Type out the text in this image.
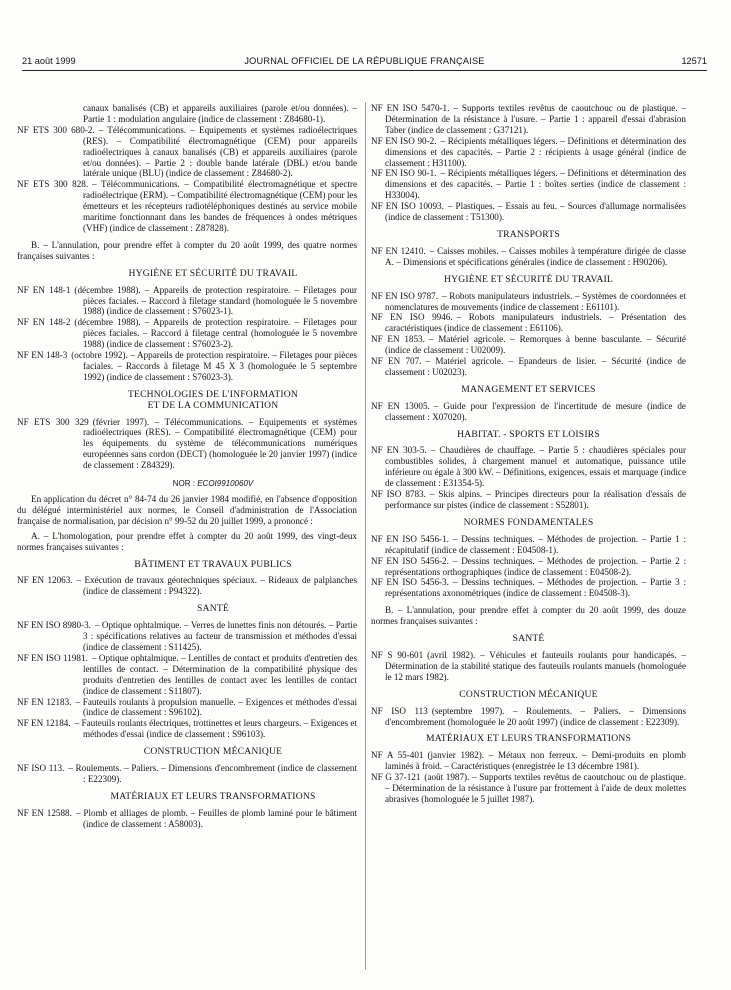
21 août 1999	JOURNAL OFFICIEL DE LA RÉPUBLIQUE FRANÇAISE	12571
canaux banalisés (CB) et appareils auxiliaires (parole et/ou données). – Partie 1 : modulation angulaire (indice de classement : Z84680-1).
NF ETS 300 680-2. – Télécommunications. – Equipements et systèmes radioélectriques (RES). – Compatibilité électromagnétique (CEM) pour appareils radioélectriques à canaux banalisés (CB) et appareils auxiliaires (parole et/ou données). – Partie 2 : double bande latérale (DBL) et/ou bande latérale unique (BLU) (indice de classement : Z84680-2).
NF ETS 300 828. – Télécommunications. – Compatibilité électromagnétique et spectre radioélectrique (ERM). – Compatibilité électromagnétique (CEM) pour les émetteurs et les récepteurs radiotéléphoniques destinés au service mobile maritime fonctionnant dans les bandes de fréquences à ondes métriques (VHF) (indice de classement : Z87828).
B. – L'annulation, pour prendre effet à compter du 20 août 1999, des quatre normes françaises suivantes :
HYGIÈNE ET SÉCURITÉ DU TRAVAIL
NF EN 148-1 (décembre 1988). – Appareils de protection respiratoire. – Filetages pour pièces faciales. – Raccord à filetage standard (homologuée le 5 novembre 1988) (indice de classement : S76023-1).
NF EN 148-2 (décembre 1988). – Appareils de protection respiratoire. – Filetages pour pièces faciales. – Raccord à filetage central (homologuée le 5 novembre 1988) (indice de classement : S76023-2).
NF EN 148-3 (octobre 1992). – Appareils de protection respiratoire. – Filetages pour pièces faciales. – Raccords à filetage M 45 X 3 (homologuée le 5 septembre 1992) (indice de classement : S76023-3).
TECHNOLOGIES DE L'INFORMATION
ET DE LA COMMUNICATION
NF ETS 300 329 (février 1997). – Télécommunications. – Equipements et systèmes radioélectriques (RES). – Compatibilité électromagnétique (CEM) pour les équipements du système de télécommunications numériques européennes sans cordon (DECT) (homologuée le 20 janvier 1997) (indice de classement : Z84329).
NOR : ECOI9910060V
En application du décret n° 84-74 du 26 janvier 1984 modifié, en l'absence d'opposition du délégué interministériel aux normes, le Conseil d'administration de l'Association française de normalisation, par décision n° 99-52 du 20 juillet 1999, a prononcé :
A. – L'homologation, pour prendre effet à compter du 20 août 1999, des vingt-deux normes françaises suivantes :
BÂTIMENT ET TRAVAUX PUBLICS
NF EN 12063. – Exécution de travaux géotechniques spéciaux. – Rideaux de palplanches (indice de classement : P94322).
SANTÉ
NF EN ISO 8980-3. – Optique ophtalmique. – Verres de lunettes finis non détourés. – Partie 3 : spécifications relatives au facteur de transmission et méthodes d'essai (indice de classement : S11425).
NF EN ISO 11981. – Optique ophtalmique. – Lentilles de contact et produits d'entretien des lentilles de contact. – Détermination de la compatibilité physique des produits d'entretien des lentilles de contact avec les lentilles de contact (indice de classement : S11807).
NF EN 12183. – Fauteuils roulants à propulsion manuelle. – Exigences et méthodes d'essai (indice de classement : S96102).
NF EN 12184. – Fauteuils roulants électriques, trottinettes et leurs chargeurs. – Exigences et méthodes d'essai (indice de classement : S96103).
CONSTRUCTION MÉCANIQUE
NF ISO 113. – Roulements. – Paliers. – Dimensions d'encombrement (indice de classement : E22309).
MATÉRIAUX ET LEURS TRANSFORMATIONS
NF EN 12588. – Plomb et alliages de plomb. – Feuilles de plomb laminé pour le bâtiment (indice de classement : A58003).
NF EN ISO 5470-1. – Supports textiles revêtus de caoutchouc ou de plastique. – Détermination de la résistance à l'usure. – Partie 1 : appareil d'essai d'abrasion Taber (indice de classement : G37121).
NF EN ISO 90-2. – Récipients métalliques légers. – Définitions et détermination des dimensions et des capacités. – Partie 2 : récipients à usage général (indice de classement : H31100).
NF EN ISO 90-1. – Récipients métalliques légers. – Définitions et détermination des dimensions et des capacités. – Partie 1 : boîtes serties (indice de classement : H33004).
NF EN ISO 10093. – Plastiques. – Essais au feu. – Sources d'allumage normalisées (indice de classement : T51300).
TRANSPORTS
NF EN 12410. – Caisses mobiles. – Caisses mobiles à température dirigée de classe A. – Dimensions et spécifications générales (indice de classement : H90206).
HYGIÈNE ET SÉCURITÉ DU TRAVAIL
NF EN ISO 9787. – Robots manipulateurs industriels. – Systèmes de coordonnées et nomenclatures de mouvements (indice de classement : E61101).
NF EN ISO 9946. – Robots manipulateurs industriels. – Présentation des caractéristiques (indice de classement : E61106).
NF EN 1853. – Matériel agricole. – Remorques à benne basculante. – Sécurité (indice de classement : U02009).
NF EN 707. – Matériel agricole. – Epandeurs de lisier. – Sécurité (indice de classement : U02023).
MANAGEMENT ET SERVICES
NF EN 13005. – Guide pour l'expression de l'incertitude de mesure (indice de classement : X07020).
HABITAT. - SPORTS ET LOISIRS
NF EN 303-5. – Chaudières de chauffage. – Partie 5 : chaudières spéciales pour combustibles solides, à chargement manuel et automatique, puissance utile inférieure ou égale à 300 kW. – Définitions, exigences, essais et marquage (indice de classement : E31354-5).
NF ISO 8783. – Skis alpins. – Principes directeurs pour la réalisation d'essais de performance sur pistes (indice de classement : S52801).
NORMES FONDAMENTALES
NF EN ISO 5456-1. – Dessins techniques. – Méthodes de projection. – Partie 1 : récapitulatif (indice de classement : E04508-1).
NF EN ISO 5456-2. – Dessins techniques. – Méthodes de projection. – Partie 2 : représentations orthographiques (indice de classement : E04508-2).
NF EN ISO 5456-3. – Dessins techniques. – Méthodes de projection. – Partie 3 : représentations axonométriques (indice de classement : E04508-3).
B. – L'annulation, pour prendre effet à compter du 20 août 1999, des douze normes françaises suivantes :
SANTÉ
NF S 90-601 (avril 1982). – Véhicules et fauteuils roulants pour handicapés. – Détermination de la stabilité statique des fauteuils roulants manuels (homologuée le 12 mars 1982).
CONSTRUCTION MÉCANIQUE
NF ISO 113 (septembre 1997). – Roulements. – Paliers. – Dimensions d'encombrement (homologuée le 20 août 1997) (indice de classement : E22309).
MATÉRIAUX ET LEURS TRANSFORMATIONS
NF A 55-401 (janvier 1982). – Métaux non ferreux. – Demi-produits en plomb laminés à froid. – Caractéristiques (enregistrée le 13 décembre 1981).
NF G 37-121 (août 1987). – Supports textiles revêtus de caoutchouc ou de plastique. – Détermination de la résistance à l'usure par frottement à l'aide de deux molettes abrasives (homologuée le 5 juillet 1987).
